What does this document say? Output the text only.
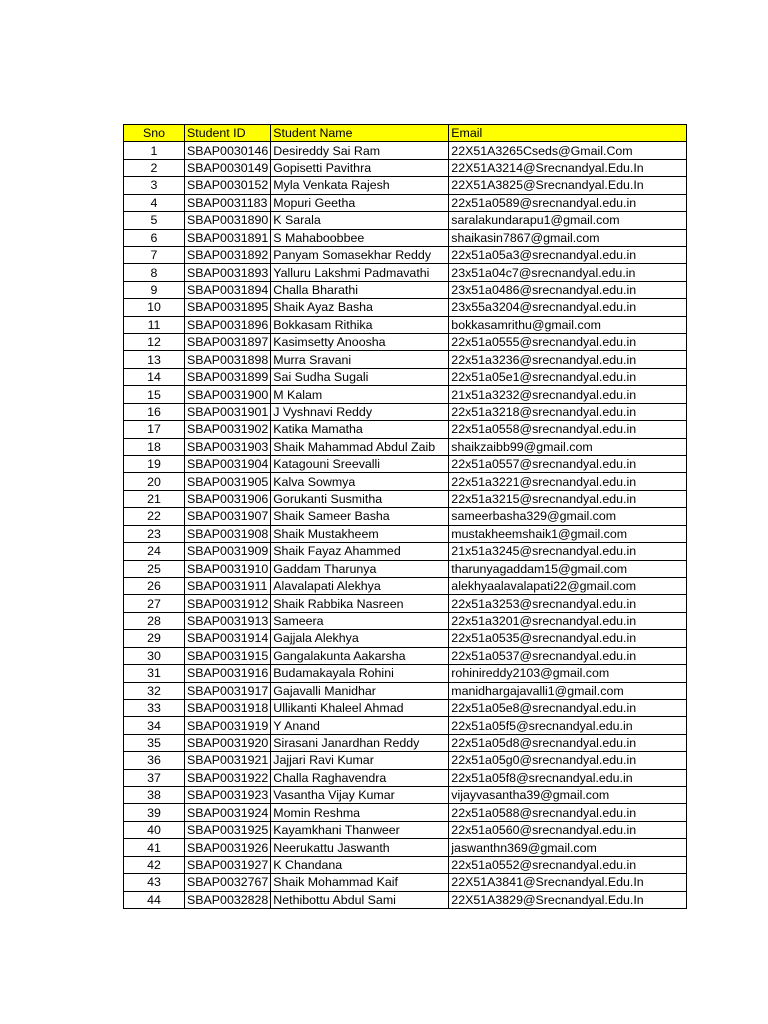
Sno	Student ID	Student Name	Email
1	SBAP0030146	Desireddy Sai Ram	22X51A3265Cseds@Gmail.Com
2	SBAP0030149	Gopisetti Pavithra	22X51A3214@Srecnandyal.Edu.In
3	SBAP0030152	Myla Venkata Rajesh	22X51A3825@Srecnandyal.Edu.In
4	SBAP0031183	Mopuri Geetha	22x51a0589@srecnandyal.edu.in
5	SBAP0031890	K Sarala	saralakundarapu1@gmail.com
6	SBAP0031891	S Mahaboobbee	shaikasin7867@gmail.com
7	SBAP0031892	Panyam Somasekhar Reddy	22x51a05a3@srecnandyal.edu.in
8	SBAP0031893	Yalluru Lakshmi Padmavathi	23x51a04c7@srecnandyal.edu.in
9	SBAP0031894	Challa Bharathi	23x51a0486@srecnandyal.edu.in
10	SBAP0031895	Shaik Ayaz Basha	23x55a3204@srecnandyal.edu.in
11	SBAP0031896	Bokkasam Rithika	bokkasamrithu@gmail.com
12	SBAP0031897	Kasimsetty Anoosha	22x51a0555@srecnandyal.edu.in
13	SBAP0031898	Murra Sravani	22x51a3236@srecnandyal.edu.in
14	SBAP0031899	Sai Sudha Sugali	22x51a05e1@srecnandyal.edu.in
15	SBAP0031900	M Kalam	21x51a3232@srecnandyal.edu.in
16	SBAP0031901	J Vyshnavi Reddy	22x51a3218@srecnandyal.edu.in
17	SBAP0031902	Katika Mamatha	22x51a0558@srecnandyal.edu.in
18	SBAP0031903	Shaik Mahammad Abdul Zaib	shaikzaibb99@gmail.com
19	SBAP0031904	Katagouni Sreevalli	22x51a0557@srecnandyal.edu.in
20	SBAP0031905	Kalva Sowmya	22x51a3221@srecnandyal.edu.in
21	SBAP0031906	Gorukanti Susmitha	22x51a3215@srecnandyal.edu.in
22	SBAP0031907	Shaik Sameer Basha	sameerbasha329@gmail.com
23	SBAP0031908	Shaik Mustakheem	mustakheemshaik1@gmail.com
24	SBAP0031909	Shaik Fayaz Ahammed	21x51a3245@srecnandyal.edu.in
25	SBAP0031910	Gaddam Tharunya	tharunyagaddam15@gmail.com
26	SBAP0031911	Alavalapati Alekhya	alekhyaalavalapati22@gmail.com
27	SBAP0031912	Shaik Rabbika Nasreen	22x51a3253@srecnandyal.edu.in
28	SBAP0031913	Sameera	22x51a3201@srecnandyal.edu.in
29	SBAP0031914	Gajjala Alekhya	22x51a0535@srecnandyal.edu.in
30	SBAP0031915	Gangalakunta Aakarsha	22x51a0537@srecnandyal.edu.in
31	SBAP0031916	Budamakayala Rohini	rohinireddy2103@gmail.com
32	SBAP0031917	Gajavalli Manidhar	manidhargajavalli1@gmail.com
33	SBAP0031918	Ullikanti Khaleel Ahmad	22x51a05e8@srecnandyal.edu.in
34	SBAP0031919	Y Anand	22x51a05f5@srecnandyal.edu.in
35	SBAP0031920	Sirasani Janardhan Reddy	22x51a05d8@srecnandyal.edu.in
36	SBAP0031921	Jajjari Ravi Kumar	22x51a05g0@srecnandyal.edu.in
37	SBAP0031922	Challa Raghavendra	22x51a05f8@srecnandyal.edu.in
38	SBAP0031923	Vasantha Vijay Kumar	vijayvasantha39@gmail.com
39	SBAP0031924	Momin Reshma	22x51a0588@srecnandyal.edu.in
40	SBAP0031925	Kayamkhani Thanweer	22x51a0560@srecnandyal.edu.in
41	SBAP0031926	Neerukattu Jaswanth	jaswanthn369@gmail.com
42	SBAP0031927	K Chandana	22x51a0552@srecnandyal.edu.in
43	SBAP0032767	Shaik Mohammad Kaif	22X51A3841@Srecnandyal.Edu.In
44	SBAP0032828	Nethibottu Abdul Sami	22X51A3829@Srecnandyal.Edu.In
